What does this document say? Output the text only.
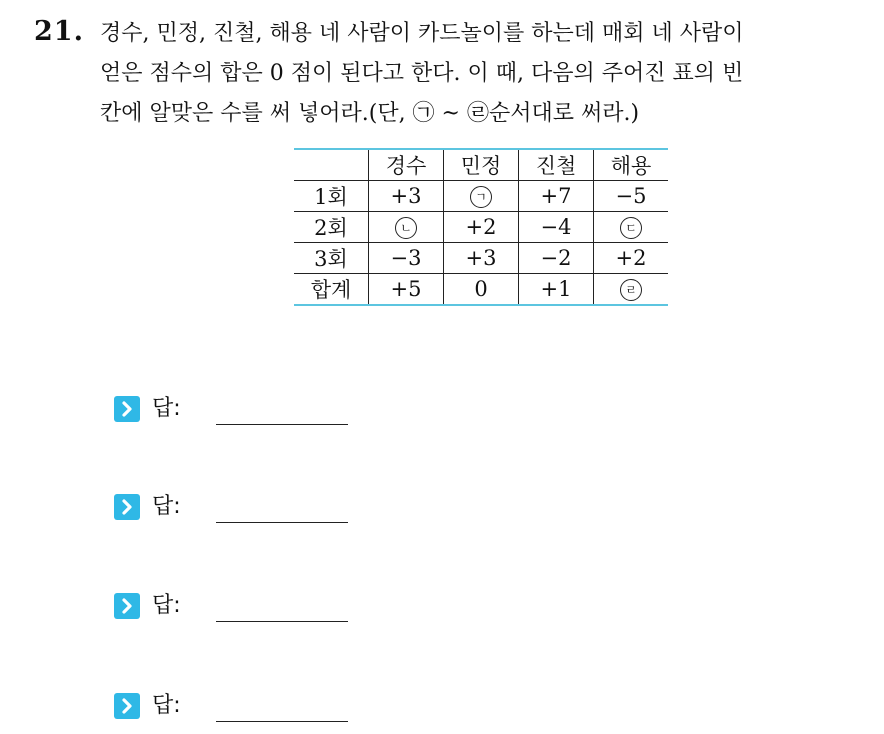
21. 경수, 민정, 진철, 해용 네 사람이 카드놀이를 하는데 매회 네 사람이
얻은 점수의 합은 0 점이 된다고 한다. 이 때, 다음의 주어진 표의 빈
칸에 알맞은 수를 써 넣어라.(단, ㉠ ~ ㉣순서대로 써라.)
	경수	민정	진철	해용
1회	+3	ㄱ	+7	−5
2회	ㄴ	+2	−4	ㄷ
3회	−3	+3	−2	+2
합계	+5	0	+1	ㄹ
답:
답:
답:
답:
